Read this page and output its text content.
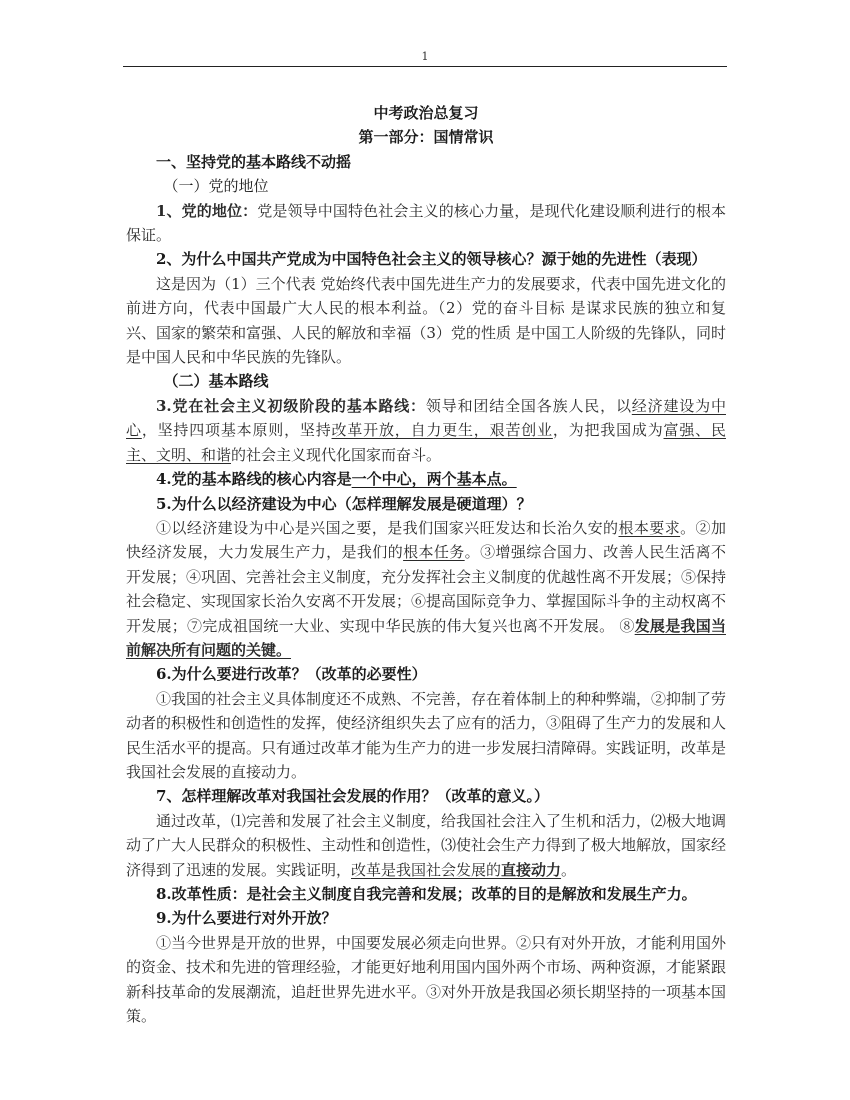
1

中考政治总复习

第一部分：国情常识

一、坚持党的基本路线不动摇

（一）党的地位

1、党的地位：党是领导中国特色社会主义的核心力量，是现代化建设顺利进行的根本保证。

2、为什么中国共产党成为中国特色社会主义的领导核心？源于她的先进性（表现）

这是因为（1）三个代表 党始终代表中国先进生产力的发展要求，代表中国先进文化的前进方向，代表中国最广大人民的根本利益。（2）党的奋斗目标 是谋求民族的独立和复兴、国家的繁荣和富强、人民的解放和幸福（3）党的性质 是中国工人阶级的先锋队，同时是中国人民和中华民族的先锋队。

（二）基本路线

3.党在社会主义初级阶段的基本路线：领导和团结全国各族人民，以经济建设为中心，坚持四项基本原则，坚持改革开放，自力更生，艰苦创业，为把我国成为富强、民主、文明、和谐的社会主义现代化国家而奋斗。

4.党的基本路线的核心内容是一个中心，两个基本点。

5.为什么以经济建设为中心（怎样理解发展是硬道理）？

①以经济建设为中心是兴国之要，是我们国家兴旺发达和长治久安的根本要求。②加快经济发展，大力发展生产力，是我们的根本任务。③增强综合国力、改善人民生活离不开发展；④巩固、完善社会主义制度，充分发挥社会主义制度的优越性离不开发展；⑤保持社会稳定、实现国家长治久安离不开发展；⑥提高国际竞争力、掌握国际斗争的主动权离不开发展；⑦完成祖国统一大业、实现中华民族的伟大复兴也离不开发展。 ⑧发展是我国当前解决所有问题的关键。

6.为什么要进行改革？（改革的必要性）

①我国的社会主义具体制度还不成熟、不完善，存在着体制上的种种弊端，②抑制了劳动者的积极性和创造性的发挥，使经济组织失去了应有的活力，③阻碍了生产力的发展和人民生活水平的提高。只有通过改革才能为生产力的进一步发展扫清障碍。实践证明，改革是我国社会发展的直接动力。

7、怎样理解改革对我国社会发展的作用？（改革的意义。）

通过改革，⑴完善和发展了社会主义制度，给我国社会注入了生机和活力，⑵极大地调动了广大人民群众的积极性、主动性和创造性，⑶使社会生产力得到了极大地解放，国家经济得到了迅速的发展。实践证明，改革是我国社会发展的直接动力。

8.改革性质：是社会主义制度自我完善和发展；改革的目的是解放和发展生产力。

9.为什么要进行对外开放？

①当今世界是开放的世界，中国要发展必须走向世界。②只有对外开放，才能利用国外的资金、技术和先进的管理经验，才能更好地利用国内国外两个市场、两种资源，才能紧跟新科技革命的发展潮流，追赶世界先进水平。③对外开放是我国必须长期坚持的一项基本国策。
